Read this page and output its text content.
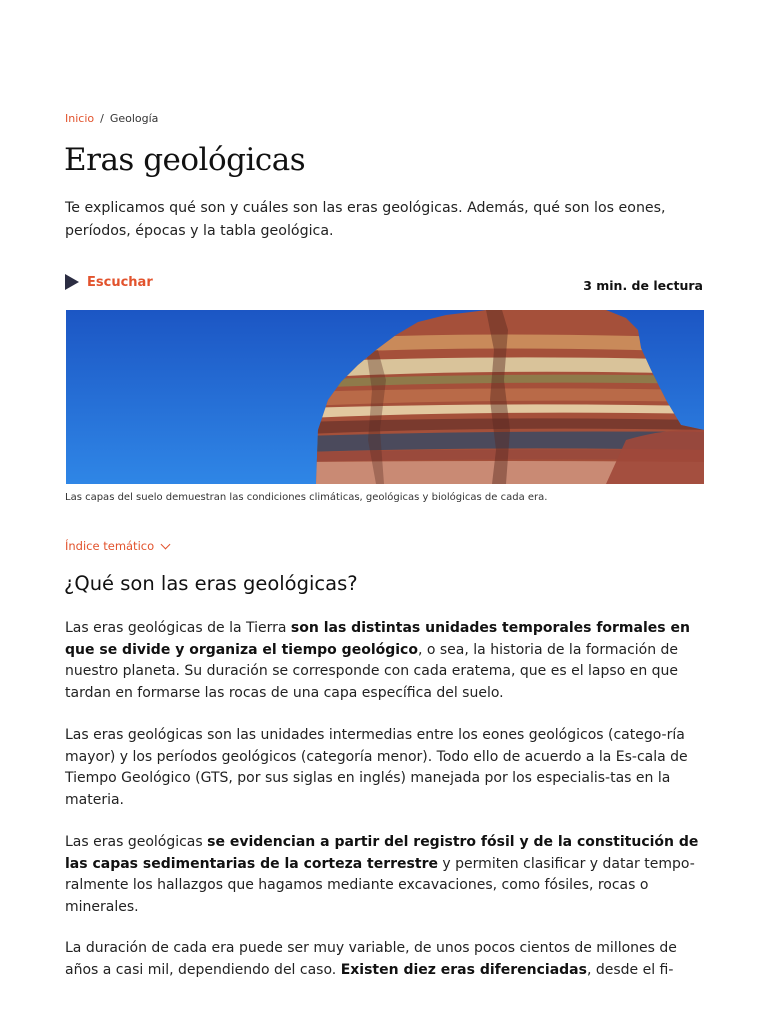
Inicio / Geología
Eras geológicas

Te explicamos qué son y cuáles son las eras geológicas. Además, qué son los eones, períodos, épocas y la tabla geológica.

Escuchar	3 min. de lectura
Las capas del suelo demuestran las condiciones climáticas, geológicas y biológicas de cada era.
Índice temático
¿Qué son las eras geológicas?

Las eras geológicas de la Tierra son las distintas unidades temporales formales en que se divide y organiza el tiempo geológico, o sea, la historia de la formación de nuestro planeta. Su duración se corresponde con cada eratema, que es el lapso en que tardan en formarse las rocas de una capa específica del suelo.

Las eras geológicas son las unidades intermedias entre los eones geológicos (catego-ría mayor) y los períodos geológicos (categoría menor). Todo ello de acuerdo a la Es-cala de Tiempo Geológico (GTS, por sus siglas en inglés) manejada por los especialis-tas en la materia.

Las eras geológicas se evidencian a partir del registro fósil y de la constitución de las capas sedimentarias de la corteza terrestre y permiten clasificar y datar tempo-ralmente los hallazgos que hagamos mediante excavaciones, como fósiles, rocas o minerales.

La duración de cada era puede ser muy variable, de unos pocos cientos de millones de años a casi mil, dependiendo del caso. Existen diez eras diferenciadas, desde el fi-
